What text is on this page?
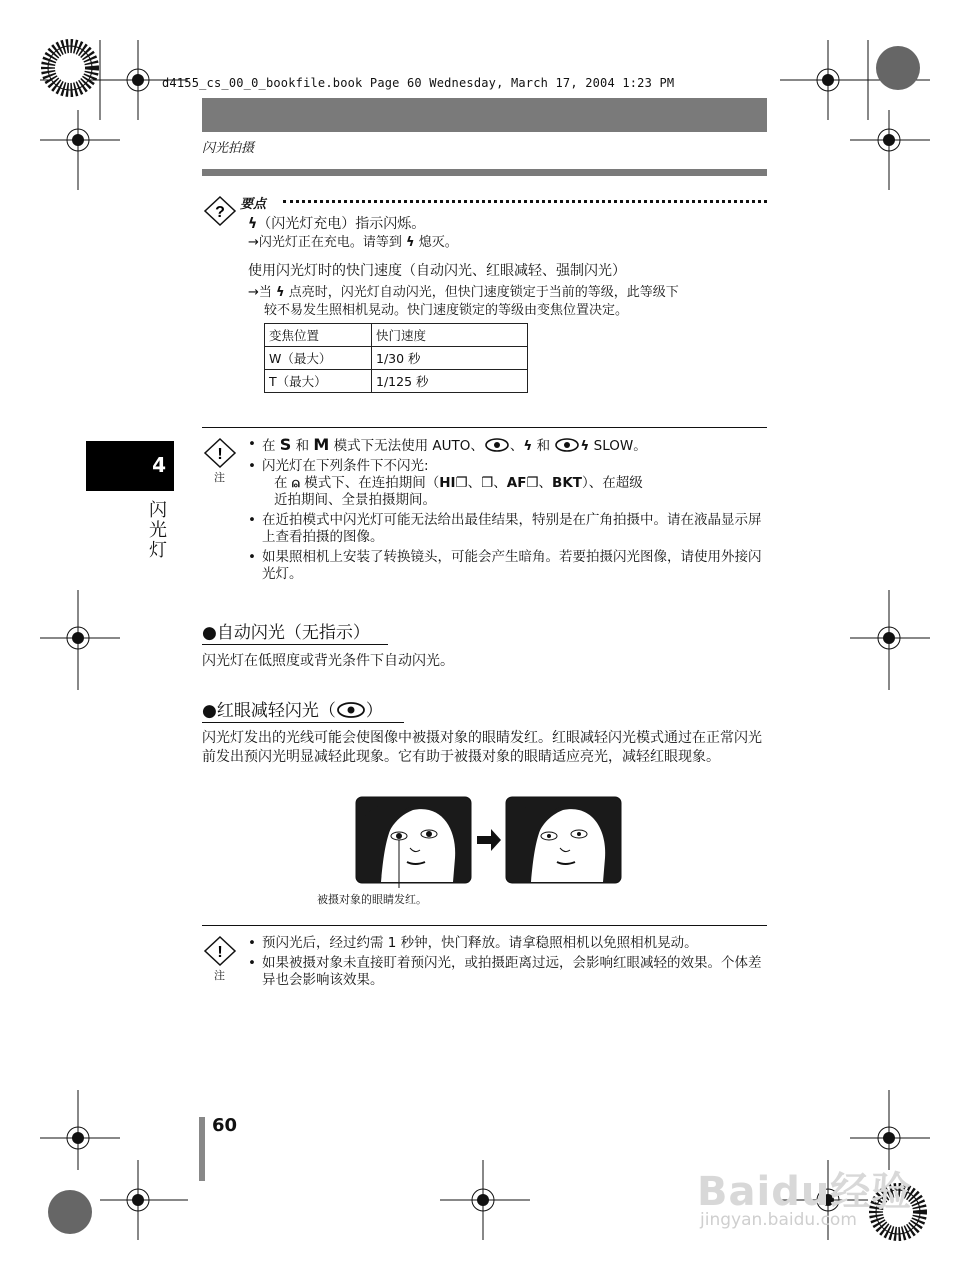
d4155_cs_00_0_bookfile.book Page 60 Wednesday, March 17, 2004 1:23 PM
闪光拍摄
? 要点
ϟ（闪光灯充电）指示闪烁。
→闪光灯正在充电。请等到 ϟ 熄灭。
使用闪光灯时的快门速度（自动闪光、红眼减轻、强制闪光）
→当 ϟ 点亮时，闪光灯自动闪光，但快门速度锁定于当前的等级，此等级下
较不易发生照相机晃动。快门速度锁定的等级由变焦位置决定。
变焦位置	快门速度
W（最大）	1/30 秒
T（最大）	1/125 秒
4
闪光灯
!
注
• 在 S 和 M 模式下无法使用 AUTO、 、ϟ 和 ϟ SLOW。
• 闪光灯在下列条件下不闪光:
在 ⍝ 模式下、在连拍期间（HI❐、❐、AF❐、BKT）、在超级
近拍期间、全景拍摄期间。
• 在近拍模式中闪光灯可能无法给出最佳结果，特别是在广角拍摄中。请在液晶显示屏上查看拍摄的图像。
• 如果照相机上安装了转换镜头，可能会产生暗角。若要拍摄闪光图像，请使用外接闪光灯。
●自动闪光（无指示）
闪光灯在低照度或背光条件下自动闪光。
●红眼减轻闪光（ ）
闪光灯发出的光线可能会使图像中被摄对象的眼睛发红。红眼减轻闪光模式通过在正常闪光前发出预闪光明显减轻此现象。它有助于被摄对象的眼睛适应亮光，减轻红眼现象。
被摄对象的眼睛发红。
!
注
• 预闪光后，经过约需 1 秒钟，快门释放。请拿稳照相机以免照相机晃动。
• 如果被摄对象未直接盯着预闪光，或拍摄距离过远，会影响红眼减轻的效果。个体差异也会影响该效果。
60
Baidu经验
jingyan.baidu.com
